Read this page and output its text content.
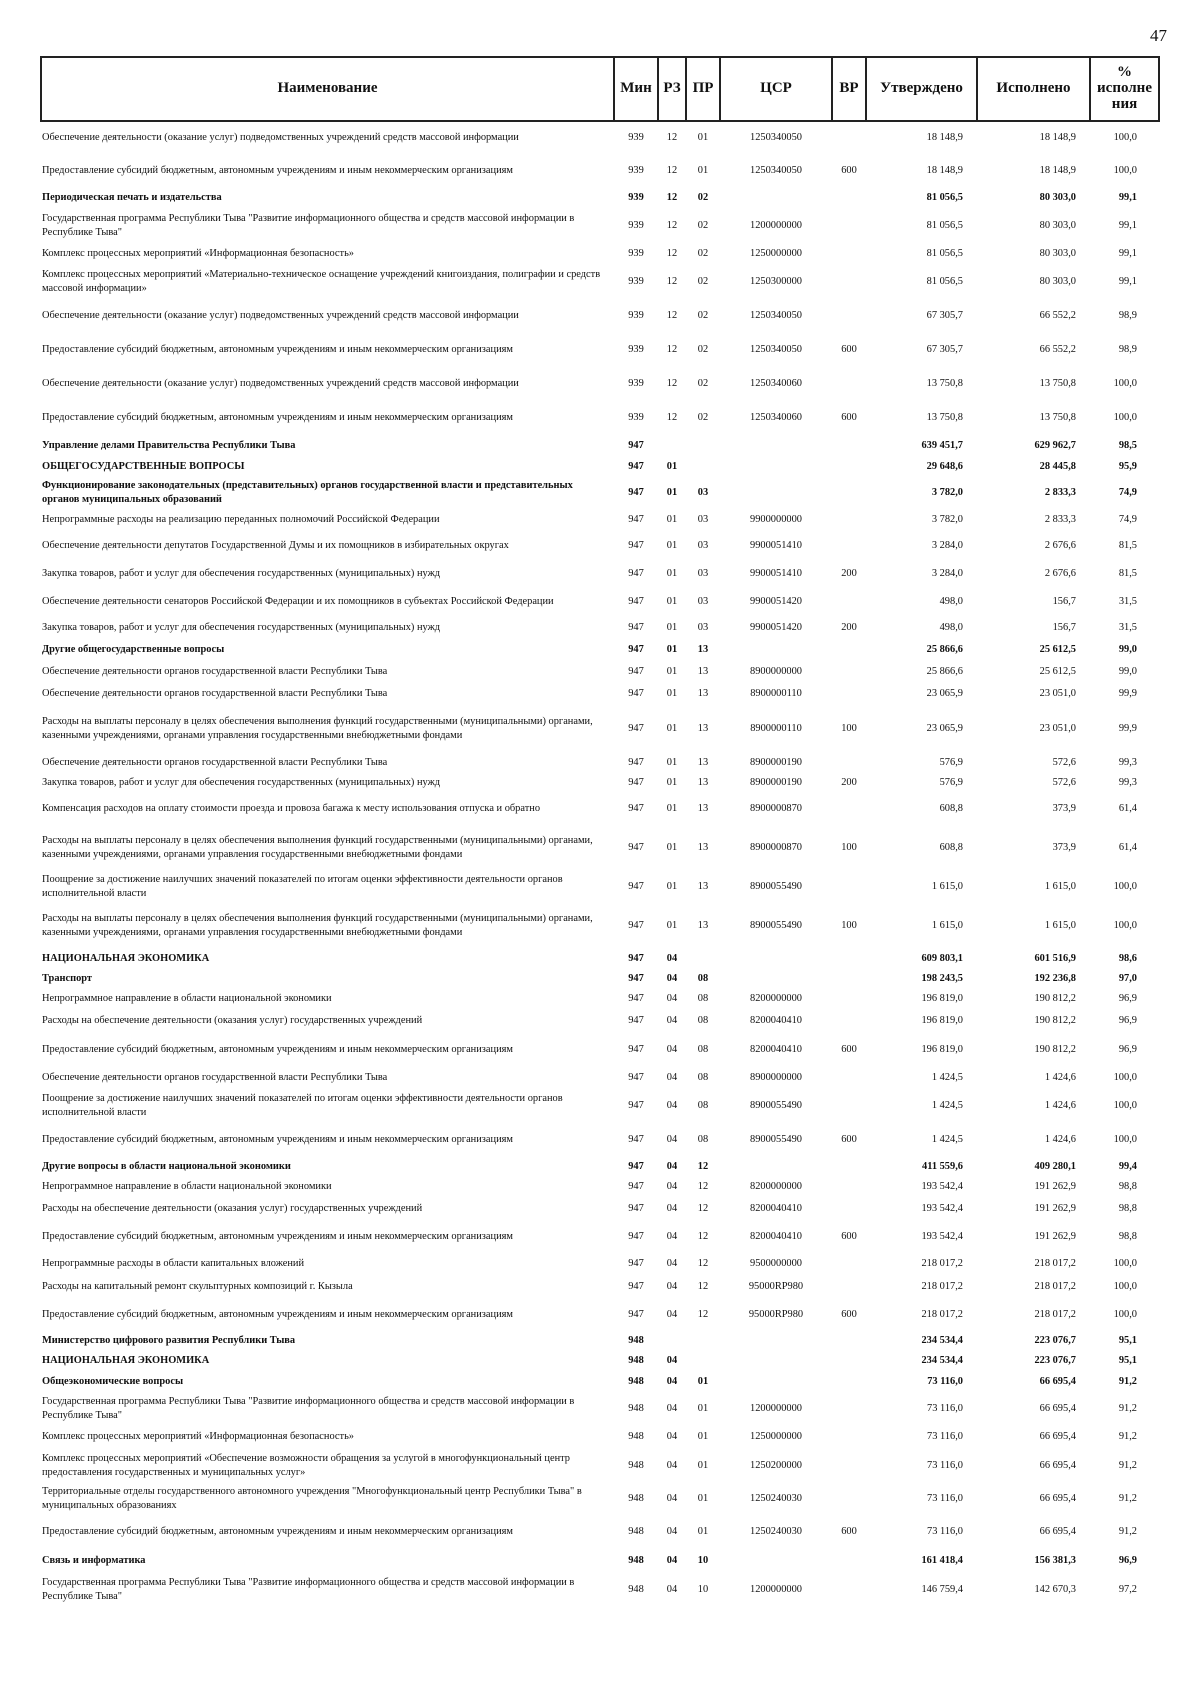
47
Наименование	Мин	РЗ	ПР	ЦСР	ВР	Утверждено	Исполнено	% исполне ния
Обеспечение деятельности (оказание услуг) подведомственных учреждений средств массовой информации	939	12	01	1250340050		18 148,9	18 148,9	100,0
Предоставление субсидий бюджетным, автономным учреждениям и иным некоммерческим организациям	939	12	01	1250340050	600	18 148,9	18 148,9	100,0
Периодическая печать и издательства	939	12	02			81 056,5	80 303,0	99,1
Государственная программа Республики Тыва "Развитие информационного общества и средств массовой информации в Республике Тыва"	939	12	02	1200000000		81 056,5	80 303,0	99,1
Комплекс процессных мероприятий «Информационная безопасность»	939	12	02	1250000000		81 056,5	80 303,0	99,1
Комплекс процессных мероприятий «Материально-техническое оснащение учреждений книгоиздания, полиграфии и средств массовой информации»	939	12	02	1250300000		81 056,5	80 303,0	99,1
Обеспечение деятельности (оказание услуг) подведомственных учреждений средств массовой информации	939	12	02	1250340050		67 305,7	66 552,2	98,9
Предоставление субсидий бюджетным, автономным учреждениям и иным некоммерческим организациям	939	12	02	1250340050	600	67 305,7	66 552,2	98,9
Обеспечение деятельности (оказание услуг) подведомственных учреждений средств массовой информации	939	12	02	1250340060		13 750,8	13 750,8	100,0
Предоставление субсидий бюджетным, автономным учреждениям и иным некоммерческим организациям	939	12	02	1250340060	600	13 750,8	13 750,8	100,0
Управление делами Правительства Республики Тыва	947					639 451,7	629 962,7	98,5
ОБЩЕГОСУДАРСТВЕННЫЕ ВОПРОСЫ	947	01				29 648,6	28 445,8	95,9
Функционирование законодательных (представительных) органов государственной власти и представительных органов муниципальных образований	947	01	03			3 782,0	2 833,3	74,9
Непрограммные расходы на реализацию переданных полномочий Российской Федерации	947	01	03	9900000000		3 782,0	2 833,3	74,9
Обеспечение деятельности депутатов Государственной Думы и их помощников в избирательных округах	947	01	03	9900051410		3 284,0	2 676,6	81,5
Закупка товаров, работ и услуг для обеспечения государственных (муниципальных) нужд	947	01	03	9900051410	200	3 284,0	2 676,6	81,5
Обеспечение деятельности сенаторов Российской Федерации и их помощников в субъектах Российской Федерации	947	01	03	9900051420		498,0	156,7	31,5
Закупка товаров, работ и услуг для обеспечения государственных (муниципальных) нужд	947	01	03	9900051420	200	498,0	156,7	31,5
Другие общегосударственные вопросы	947	01	13			25 866,6	25 612,5	99,0
Обеспечение деятельности органов государственной власти Республики Тыва	947	01	13	8900000000		25 866,6	25 612,5	99,0
Обеспечение деятельности органов государственной власти Республики Тыва	947	01	13	8900000110		23 065,9	23 051,0	99,9
Расходы на выплаты персоналу в целях обеспечения выполнения функций государственными (муниципальными) органами, казенными учреждениями, органами управления государственными внебюджетными фондами	947	01	13	8900000110	100	23 065,9	23 051,0	99,9
Обеспечение деятельности органов государственной власти Республики Тыва	947	01	13	8900000190		576,9	572,6	99,3
Закупка товаров, работ и услуг для обеспечения государственных (муниципальных) нужд	947	01	13	8900000190	200	576,9	572,6	99,3
Компенсация расходов на оплату стоимости проезда и провоза багажа к месту использования отпуска и обратно	947	01	13	8900000870		608,8	373,9	61,4
Расходы на выплаты персоналу в целях обеспечения выполнения функций государственными (муниципальными) органами, казенными учреждениями, органами управления государственными внебюджетными фондами	947	01	13	8900000870	100	608,8	373,9	61,4
Поощрение за достижение наилучших значений показателей по итогам оценки эффективности деятельности органов исполнительной власти	947	01	13	8900055490		1 615,0	1 615,0	100,0
Расходы на выплаты персоналу в целях обеспечения выполнения функций государственными (муниципальными) органами, казенными учреждениями, органами управления государственными внебюджетными фондами	947	01	13	8900055490	100	1 615,0	1 615,0	100,0
НАЦИОНАЛЬНАЯ ЭКОНОМИКА	947	04				609 803,1	601 516,9	98,6
Транспорт	947	04	08			198 243,5	192 236,8	97,0
Непрограммное направление в области национальной экономики	947	04	08	8200000000		196 819,0	190 812,2	96,9
Расходы на обеспечение деятельности (оказания услуг) государственных учреждений	947	04	08	8200040410		196 819,0	190 812,2	96,9
Предоставление субсидий бюджетным, автономным учреждениям и иным некоммерческим организациям	947	04	08	8200040410	600	196 819,0	190 812,2	96,9
Обеспечение деятельности органов государственной власти Республики Тыва	947	04	08	8900000000		1 424,5	1 424,6	100,0
Поощрение за достижение наилучших значений показателей по итогам оценки эффективности деятельности органов исполнительной власти	947	04	08	8900055490		1 424,5	1 424,6	100,0
Предоставление субсидий бюджетным, автономным учреждениям и иным некоммерческим организациям	947	04	08	8900055490	600	1 424,5	1 424,6	100,0
Другие вопросы в области национальной экономики	947	04	12			411 559,6	409 280,1	99,4
Непрограммное направление в области национальной экономики	947	04	12	8200000000		193 542,4	191 262,9	98,8
Расходы на обеспечение деятельности (оказания услуг) государственных учреждений	947	04	12	8200040410		193 542,4	191 262,9	98,8
Предоставление субсидий бюджетным, автономным учреждениям и иным некоммерческим организациям	947	04	12	8200040410	600	193 542,4	191 262,9	98,8
Непрограммные расходы в области капитальных вложений	947	04	12	9500000000		218 017,2	218 017,2	100,0
Расходы на капитальный ремонт скульптурных композиций г. Кызыла	947	04	12	95000RP980		218 017,2	218 017,2	100,0
Предоставление субсидий бюджетным, автономным учреждениям и иным некоммерческим организациям	947	04	12	95000RP980	600	218 017,2	218 017,2	100,0
Министерство цифрового развития Республики Тыва	948					234 534,4	223 076,7	95,1
НАЦИОНАЛЬНАЯ ЭКОНОМИКА	948	04				234 534,4	223 076,7	95,1
Общеэкономические вопросы	948	04	01			73 116,0	66 695,4	91,2
Государственная программа Республики Тыва "Развитие информационного общества и средств массовой информации в Республике Тыва"	948	04	01	1200000000		73 116,0	66 695,4	91,2
Комплекс процессных мероприятий «Информационная безопасность»	948	04	01	1250000000		73 116,0	66 695,4	91,2
Комплекс процессных мероприятий «Обеспечение возможности обращения за услугой в многофункциональный центр предоставления государственных и муниципальных услуг»	948	04	01	1250200000		73 116,0	66 695,4	91,2
Территориальные отделы государственного автономного учреждения "Многофункциональный центр Республики Тыва" в муниципальных образованиях	948	04	01	1250240030		73 116,0	66 695,4	91,2
Предоставление субсидий бюджетным, автономным учреждениям и иным некоммерческим организациям	948	04	01	1250240030	600	73 116,0	66 695,4	91,2
Связь и информатика	948	04	10			161 418,4	156 381,3	96,9
Государственная программа Республики Тыва "Развитие информационного общества и средств массовой информации в Республике Тыва"	948	04	10	1200000000		146 759,4	142 670,3	97,2
